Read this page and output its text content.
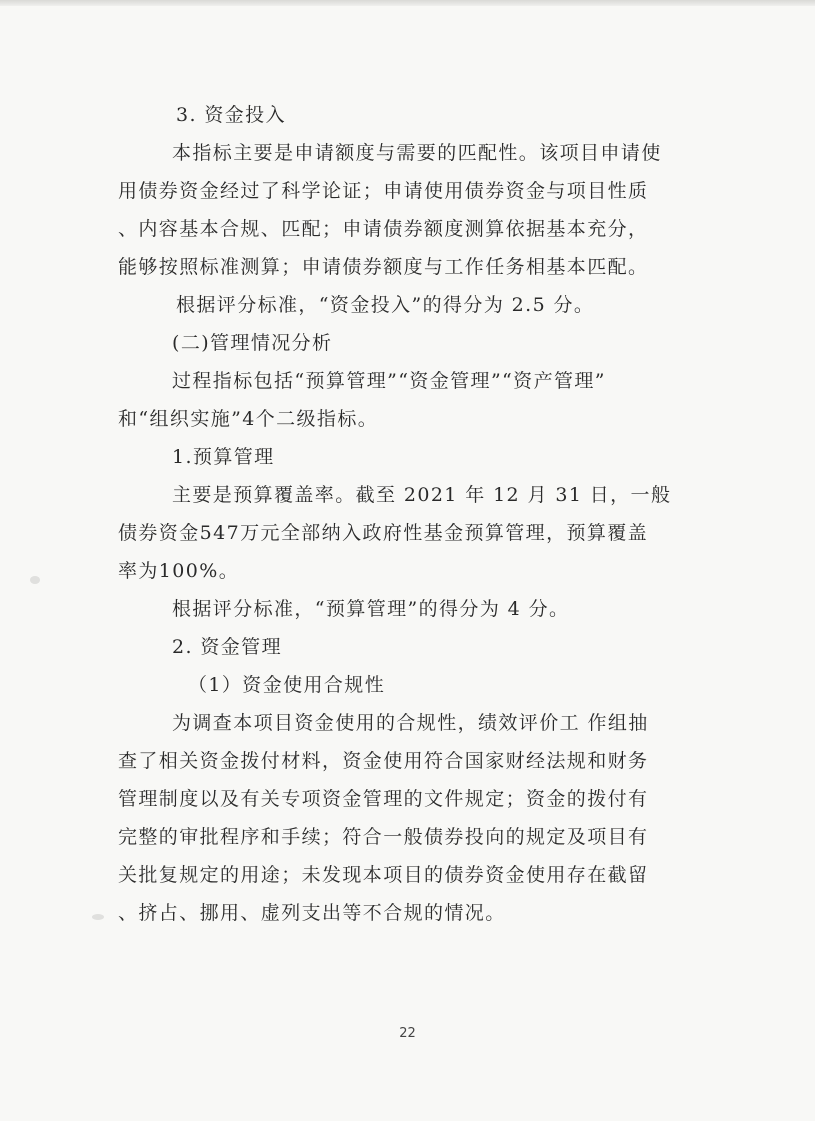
3. 资金投入

本指标主要是申请额度与需要的匹配性。该项目申请使

用债券资金经过了科学论证；申请使用债券资金与项目性质

、内容基本合规、匹配；申请债券额度测算依据基本充分，

能够按照标准测算；申请债券额度与工作任务相基本匹配。

根据评分标准，“资金投入”的得分为 2.5 分。

(二)管理情况分析

过程指标包括“预算管理”“资金管理”“资产管理”

和“组织实施”4个二级指标。

1.预算管理

主要是预算覆盖率。截至 2021 年 12 月 31 日，一般

债券资金547万元全部纳入政府性基金预算管理，预算覆盖

率为100%。

根据评分标准，“预算管理”的得分为 4 分。

2. 资金管理

（1）资金使用合规性

为调查本项目资金使用的合规性，绩效评价工 作组抽

查了相关资金拨付材料，资金使用符合国家财经法规和财务

管理制度以及有关专项资金管理的文件规定；资金的拨付有

完整的审批程序和手续；符合一般债券投向的规定及项目有

关批复规定的用途；未发现本项目的债券资金使用存在截留

、挤占、挪用、虚列支出等不合规的情况。

22
